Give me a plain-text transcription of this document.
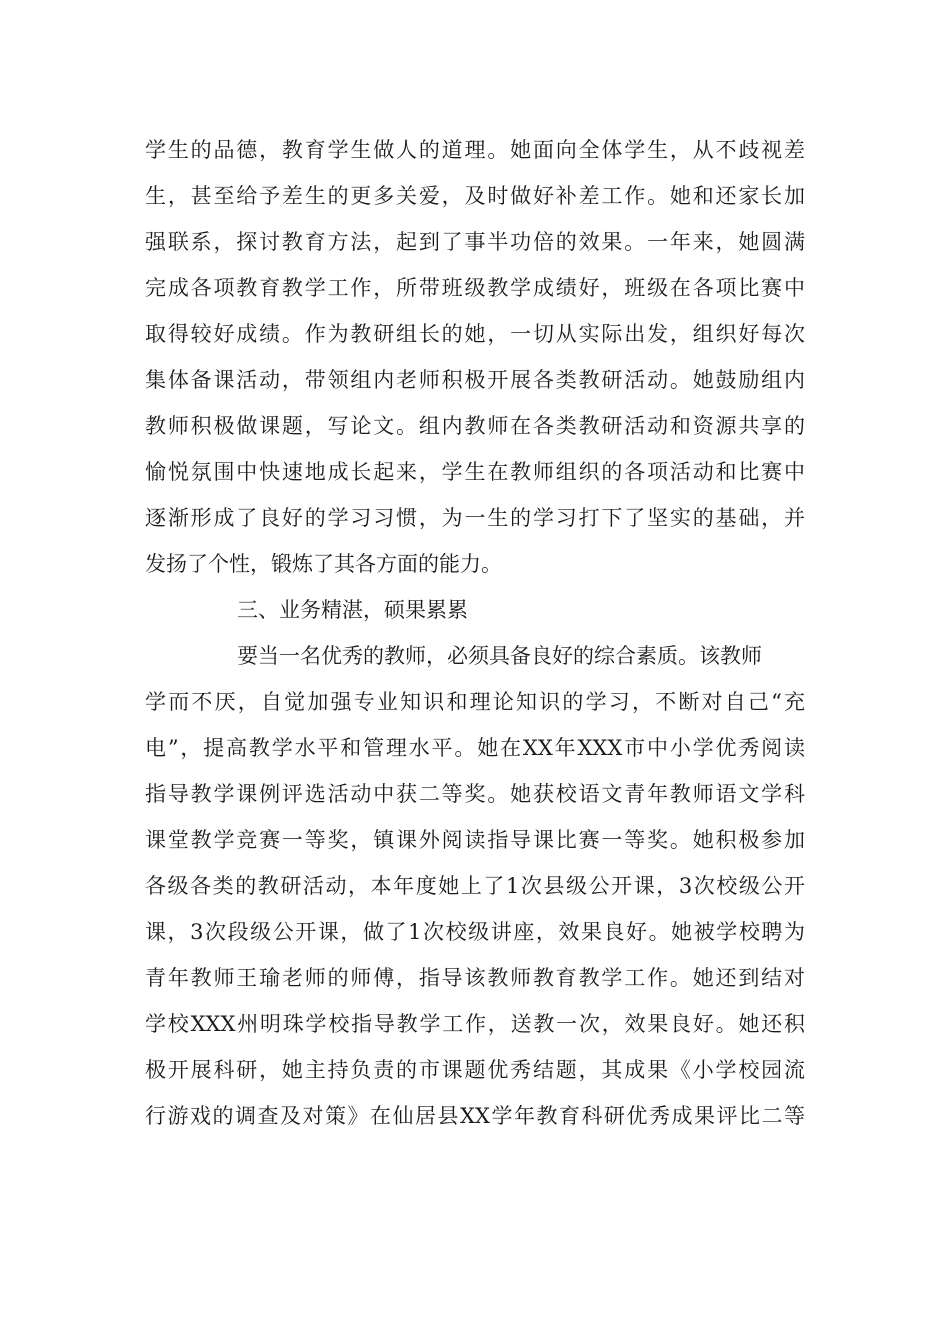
学生的品德，教育学生做人的道理。她面向全体学生，从不歧视差
生，甚至给予差生的更多关爱，及时做好补差工作。她和还家长加
强联系，探讨教育方法，起到了事半功倍的效果。一年来，她圆满
完成各项教育教学工作，所带班级教学成绩好，班级在各项比赛中
取得较好成绩。作为教研组长的她，一切从实际出发，组织好每次
集体备课活动，带领组内老师积极开展各类教研活动。她鼓励组内
教师积极做课题，写论文。组内教师在各类教研活动和资源共享的
愉悦氛围中快速地成长起来，学生在教师组织的各项活动和比赛中
逐渐形成了良好的学习习惯，为一生的学习打下了坚实的基础，并
发扬了个性，锻炼了其各方面的能力。
三、业务精湛，硕果累累
要当一名优秀的教师，必须具备良好的综合素质。该教师
学而不厌，自觉加强专业知识和理论知识的学习，不断对自己“充
电”，提高教学水平和管理水平。她在XX年XXX市中小学优秀阅读
指导教学课例评选活动中获二等奖。她获校语文青年教师语文学科
课堂教学竞赛一等奖，镇课外阅读指导课比赛一等奖。她积极参加
各级各类的教研活动，本年度她上了1次县级公开课，3次校级公开
课，3次段级公开课，做了1次校级讲座，效果良好。她被学校聘为
青年教师王瑜老师的师傅，指导该教师教育教学工作。她还到结对
学校XXX州明珠学校指导教学工作，送教一次，效果良好。她还积
极开展科研，她主持负责的市课题优秀结题，其成果《小学校园流
行游戏的调查及对策》在仙居县XX学年教育科研优秀成果评比二等
